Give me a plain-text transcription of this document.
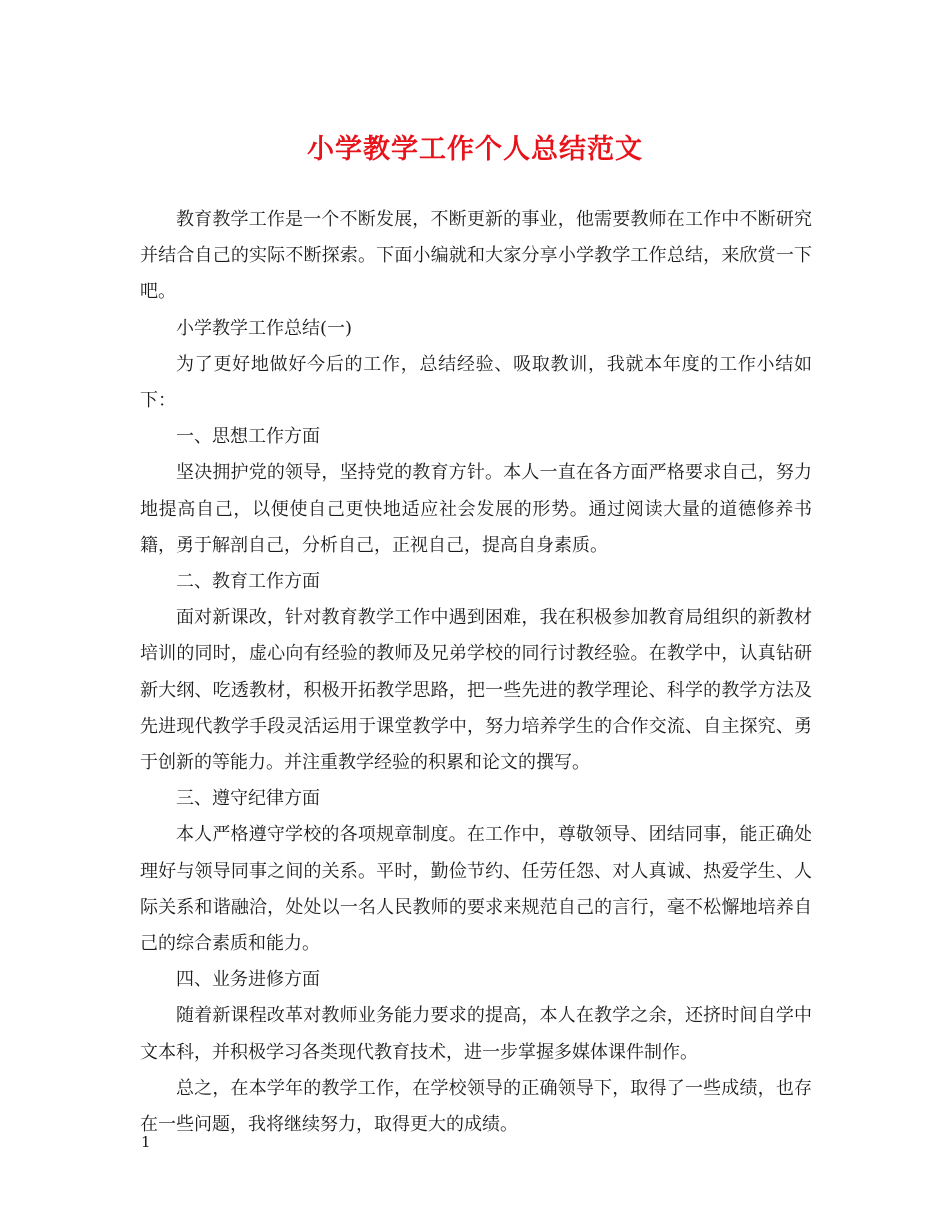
小学教学工作个人总结范文

教育教学工作是一个不断发展，不断更新的事业，他需要教师在工作中不断研究并结合自己的实际不断探索。下面小编就和大家分享小学教学工作总结，来欣赏一下吧。

小学教学工作总结(一)

为了更好地做好今后的工作，总结经验、吸取教训，我就本年度的工作小结如下：

一、思想工作方面

坚决拥护党的领导，坚持党的教育方针。本人一直在各方面严格要求自己，努力地提高自己，以便使自己更快地适应社会发展的形势。通过阅读大量的道德修养书籍，勇于解剖自己，分析自己，正视自己，提高自身素质。

二、教育工作方面

面对新课改，针对教育教学工作中遇到困难，我在积极参加教育局组织的新教材培训的同时，虚心向有经验的教师及兄弟学校的同行讨教经验。在教学中，认真钻研新大纲、吃透教材，积极开拓教学思路，把一些先进的教学理论、科学的教学方法及先进现代教学手段灵活运用于课堂教学中，努力培养学生的合作交流、自主探究、勇于创新的等能力。并注重教学经验的积累和论文的撰写。

三、遵守纪律方面

本人严格遵守学校的各项规章制度。在工作中，尊敬领导、团结同事，能正确处理好与领导同事之间的关系。平时，勤俭节约、任劳任怨、对人真诚、热爱学生、人际关系和谐融洽，处处以一名人民教师的要求来规范自己的言行，毫不松懈地培养自己的综合素质和能力。

四、业务进修方面

随着新课程改革对教师业务能力要求的提高，本人在教学之余，还挤时间自学中文本科，并积极学习各类现代教育技术，进一步掌握多媒体课件制作。

总之，在本学年的教学工作，在学校领导的正确领导下，取得了一些成绩，也存在一些问题，我将继续努力，取得更大的成绩。

1
